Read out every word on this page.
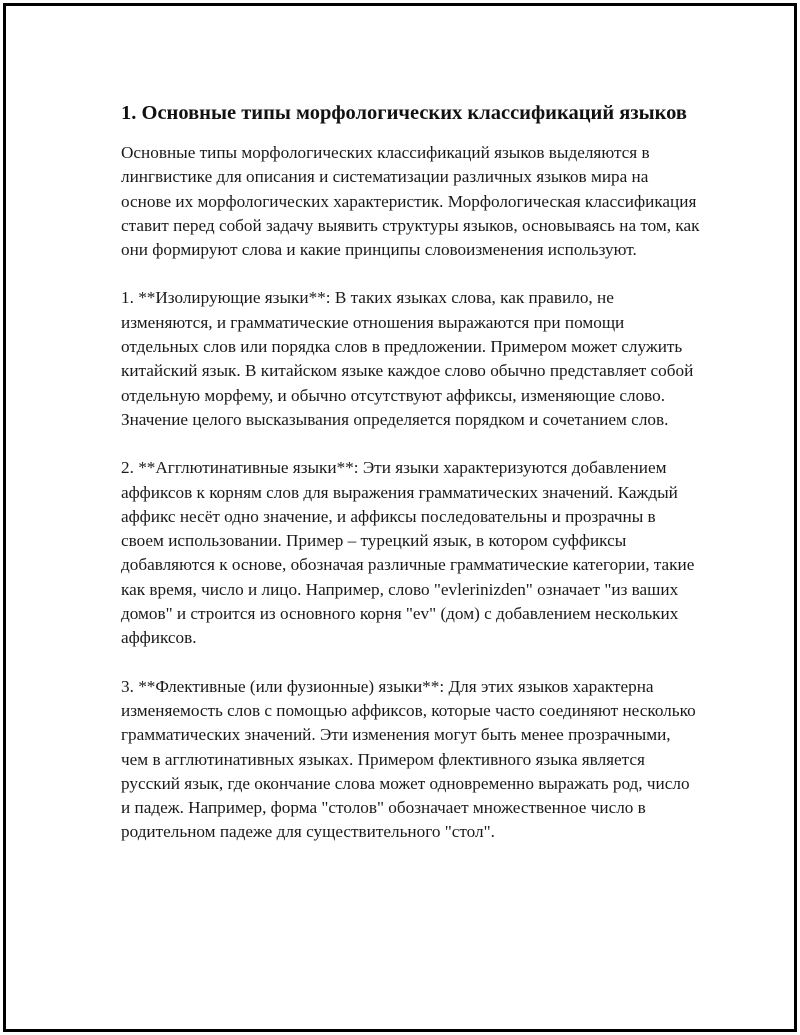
1. Основные типы морфологических классификаций языков

Основные типы морфологических классификаций языков выделяются в лингвистике для описания и систематизации различных языков мира на основе их морфологических характеристик. Морфологическая классификация ставит перед собой задачу выявить структуры языков, основываясь на том, как они формируют слова и какие принципы словоизменения используют.

1. **Изолирующие языки**: В таких языках слова, как правило, не изменяются, и грамматические отношения выражаются при помощи отдельных слов или порядка слов в предложении. Примером может служить китайский язык. В китайском языке каждое слово обычно представляет собой отдельную морфему, и обычно отсутствуют аффиксы, изменяющие слово. Значение целого высказывания определяется порядком и сочетанием слов.

2. **Агглютинативные языки**: Эти языки характеризуются добавлением аффиксов к корням слов для выражения грамматических значений. Каждый аффикс несёт одно значение, и аффиксы последовательны и прозрачны в своем использовании. Пример – турецкий язык, в котором суффиксы добавляются к основе, обозначая различные грамматические категории, такие как время, число и лицо. Например, слово "evlerinizden" означает "из ваших домов" и строится из основного корня "ev" (дом) с добавлением нескольких аффиксов.

3. **Флективные (или фузионные) языки**: Для этих языков характерна изменяемость слов с помощью аффиксов, которые часто соединяют несколько грамматических значений. Эти изменения могут быть менее прозрачными, чем в агглютинативных языках. Примером флективного языка является русский язык, где окончание слова может одновременно выражать род, число и падеж. Например, форма "столов" обозначает множественное число в родительном падеже для существительного "стол".
